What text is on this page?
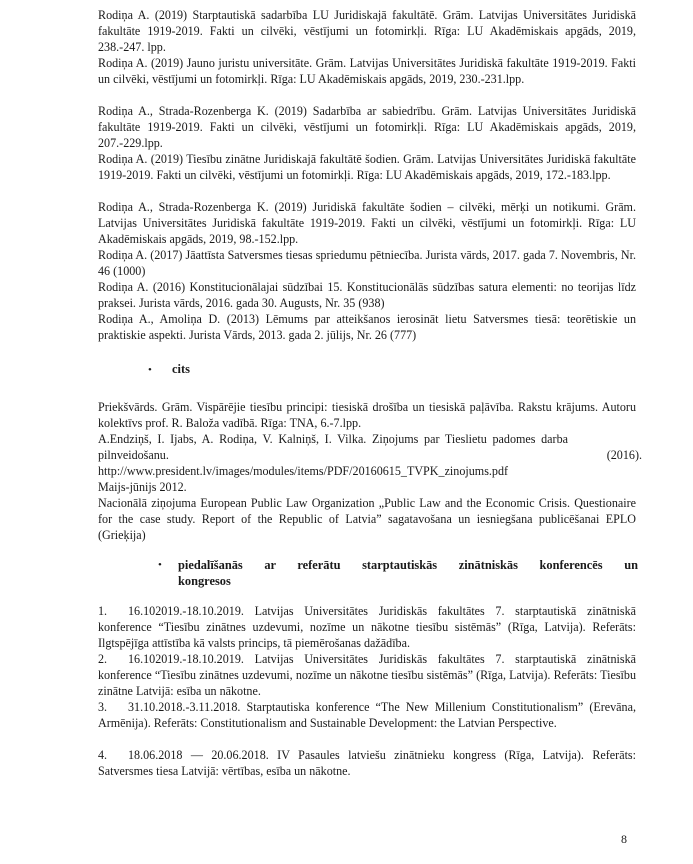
Rodiņa A. (2019) Starptautiskā sadarbība LU Juridiskajā fakultātē. Grām. Latvijas Universitātes Juridiskā fakultāte 1919-2019. Fakti un cilvēki, vēstījumi un fotomirkļi. Rīga: LU Akadēmiskais apgāds, 2019, 238.-247. lpp.
Rodiņa A. (2019) Jauno juristu universitāte. Grām. Latvijas Universitātes Juridiskā fakultāte 1919-2019. Fakti un cilvēki, vēstījumi un fotomirkļi. Rīga: LU Akadēmiskais apgāds, 2019, 230.-231.lpp.
Rodiņa A., Strada-Rozenberga K. (2019) Sadarbība ar sabiedrību. Grām. Latvijas Universitātes Juridiskā fakultāte 1919-2019. Fakti un cilvēki, vēstījumi un fotomirkļi. Rīga: LU Akadēmiskais apgāds, 2019, 207.-229.lpp.
Rodiņa A. (2019) Tiesību zinātne Juridiskajā fakultātē šodien. Grām. Latvijas Universitātes Juridiskā fakultāte 1919-2019. Fakti un cilvēki, vēstījumi un fotomirkļi. Rīga: LU Akadēmiskais apgāds, 2019, 172.-183.lpp.
Rodiņa A., Strada-Rozenberga K. (2019) Juridiskā fakultāte šodien – cilvēki, mērķi un notikumi. Grām. Latvijas Universitātes Juridiskā fakultāte 1919-2019. Fakti un cilvēki, vēstījumi un fotomirkļi. Rīga: LU Akadēmiskais apgāds, 2019, 98.-152.lpp.
Rodiņa A. (2017) Jāattīsta Satversmes tiesas spriedumu pētniecība. Jurista vārds, 2017. gada 7. Novembris, Nr. 46 (1000)
Rodiņa A. (2016) Konstitucionālajai sūdzībai 15. Konstitucionālās sūdzības satura elementi: no teorijas līdz praksei. Jurista vārds, 2016. gada 30. Augusts, Nr. 35 (938)
Rodiņa A., Amoliņa D. (2013) Lēmums par atteikšanos ierosināt lietu Satversmes tiesā: teorētiskie un praktiskie aspekti. Jurista Vārds, 2013. gada 2. jūlijs, Nr. 26 (777)
• cits
Priekšvārds. Grām. Vispārējie tiesību principi: tiesiskā drošība un tiesiskā paļāvība. Rakstu krājums. Autoru kolektīvs prof. R. Baloža vadībā. Rīga: TNA, 6.-7.lpp.
A.Endziņš, I. Ijabs, A. Rodiņa, V. Kalniņš, I. Vilka. Ziņojums par Tieslietu padomes darba pilnveidošanu.	(2016).
http://www.president.lv/images/modules/items/PDF/20160615_TVPK_zinojums.pdf
Maijs-jūnijs 2012.
Nacionālā ziņojuma European Public Law Organization „Public Law and the Economic Crisis. Questionaire for the case study. Report of the Republic of Latvia” sagatavošana un iesniegšana publicēšanai EPLO (Grieķija)
• piedalīšanās ar referātu starptautiskās zinātniskās konferencēs un
kongresos
1. 16.102019.-18.10.2019. Latvijas Universitātes Juridiskās fakultātes 7. starptautiskā zinātniskā konference “Tiesību zinātnes uzdevumi, nozīme un nākotne tiesību sistēmās” (Rīga, Latvija). Referāts: Ilgtspējīga attīstība kā valsts princips, tā piemērošanas dažādība.
2. 16.102019.-18.10.2019. Latvijas Universitātes Juridiskās fakultātes 7. starptautiskā zinātniskā konference “Tiesību zinātnes uzdevumi, nozīme un nākotne tiesību sistēmās” (Rīga, Latvija). Referāts: Tiesību zinātne Latvijā: esība un nākotne.
3. 31.10.2018.-3.11.2018. Starptautiska konference “The New Millenium Constitutionalism” (Erevāna, Armēnija). Referāts: Constitutionalism and Sustainable Development: the Latvian Perspective.
4. 18.06.2018 — 20.06.2018. IV Pasaules latviešu zinātnieku kongress (Rīga, Latvija). Referāts: Satversmes tiesa Latvijā: vērtības, esība un nākotne.
8
